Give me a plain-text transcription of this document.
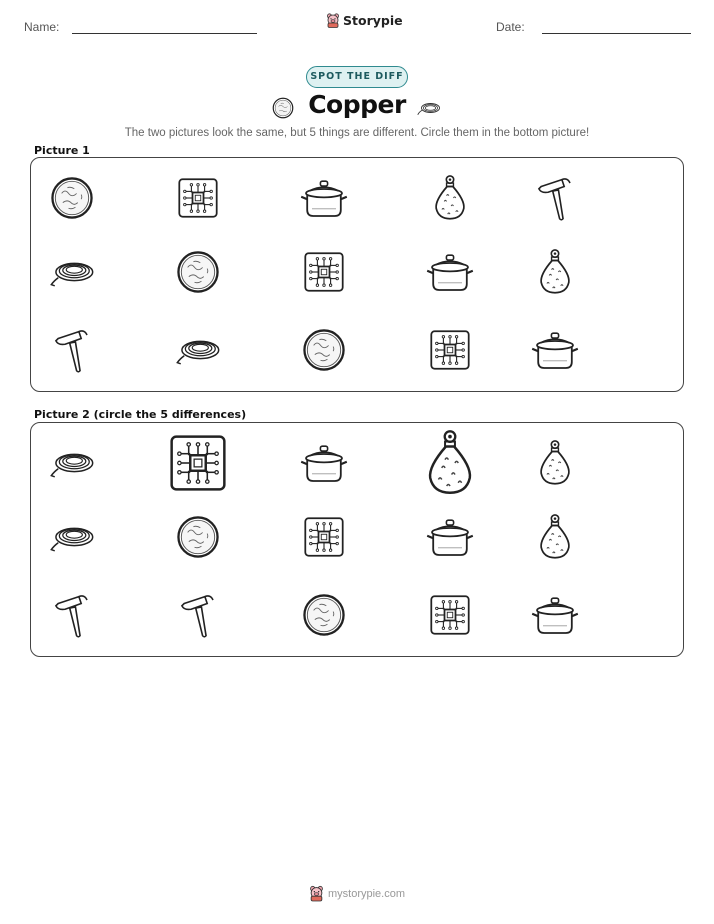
Name:	Storypie	Date:
SPOT THE DIFF
Copper
The two pictures look the same, but 5 things are different. Circle them in the bottom picture!
Picture 1
Picture 2 (circle the 5 differences)
mystorypie.com
